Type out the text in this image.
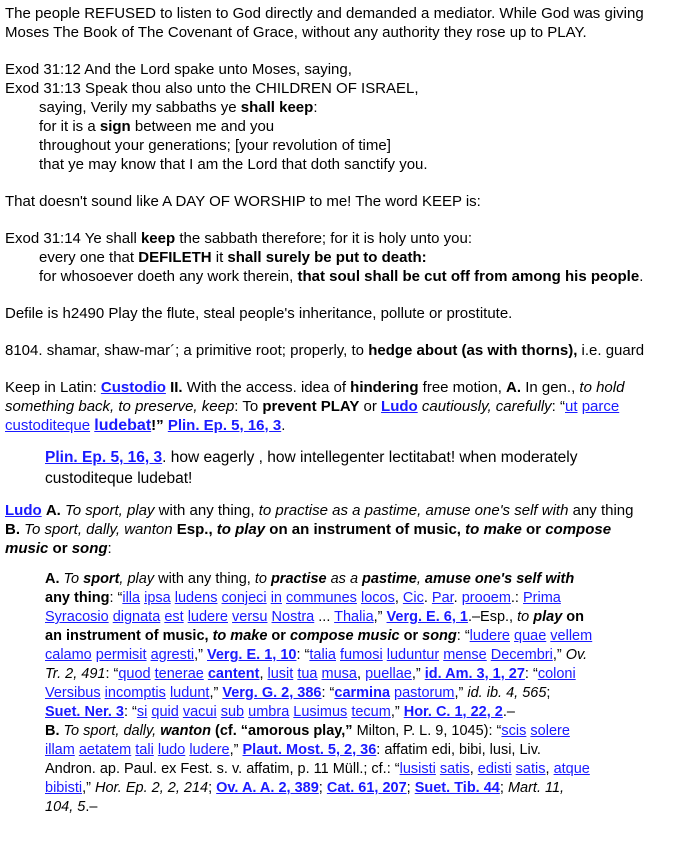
The people REFUSED to listen to God directly and demanded a mediator. While God was giving

Moses The Book of The Covenant of Grace, without any authority they rose up to PLAY.

Exod 31:12 And the Lord spake unto Moses, saying,

Exod 31:13 Speak thou also unto the CHILDREN OF ISRAEL,

saying, Verily my sabbaths ye shall keep:

for it is a sign between me and you

throughout your generations; [your revolution of time]

that ye may know that I am the Lord that doth sanctify you.

That doesn't sound like A DAY OF WORSHIP to me! The word KEEP is:

Exod 31:14 Ye shall keep the sabbath therefore; for it is holy unto you:

every one that DEFILETH it shall surely be put to death:

for whosoever doeth any work therein, that soul shall be cut off from among his people.

Defile is h2490 Play the flute, steal people's inheritance, pollute or prostitute.

8104. shamar, shaw-mar´; a primitive root; properly, to hedge about (as with thorns), i.e. guard

Keep in Latin: Custodio II. With the access. idea of hindering free motion, A. In gen., to hold

something back, to preserve, keep: To prevent PLAY or Ludo cautiously, carefully: “ut parce

custoditeque ludebat!” Plin. Ep. 5, 16, 3.

Plin. Ep. 5, 16, 3. how eagerly , how intellegenter lectitabat! when moderately

custoditeque ludebat!

Ludo A. To sport, play with any thing, to practise as a pastime, amuse one's self with any thing

B. To sport, dally, wanton Esp., to play on an instrument of music, to make or compose

music or song:

A. To sport, play with any thing, to practise as a pastime, amuse one's self with

any thing: “illa ipsa ludens conjeci in communes locos, Cic. Par. prooem.: Prima

Syracosio dignata est ludere versu Nostra ... Thalia,” Verg. E. 6, 1.–Esp., to play on

an instrument of music, to make or compose music or song: “ludere quae vellem

calamo permisit agresti,” Verg. E. 1, 10: “talia fumosi luduntur mense Decembri,” Ov.

Tr. 2, 491: “quod tenerae cantent, lusit tua musa, puellae,” id. Am. 3, 1, 27: “coloni

Versibus incomptis ludunt,” Verg. G. 2, 386: “carmina pastorum,” id. ib. 4, 565;

Suet. Ner. 3: “si quid vacui sub umbra Lusimus tecum,” Hor. C. 1, 22, 2.–

B. To sport, dally, wanton (cf. “amorous play,” Milton, P. L. 9, 1045): “scis solere

illam aetatem tali ludo ludere,” Plaut. Most. 5, 2, 36: affatim edi, bibi, lusi, Liv.

Andron. ap. Paul. ex Fest. s. v. affatim, p. 11 Müll.; cf.: “lusisti satis, edisti satis, atque

bibisti,” Hor. Ep. 2, 2, 214; Ov. A. A. 2, 389; Cat. 61, 207; Suet. Tib. 44; Mart. 11,

104, 5.–
